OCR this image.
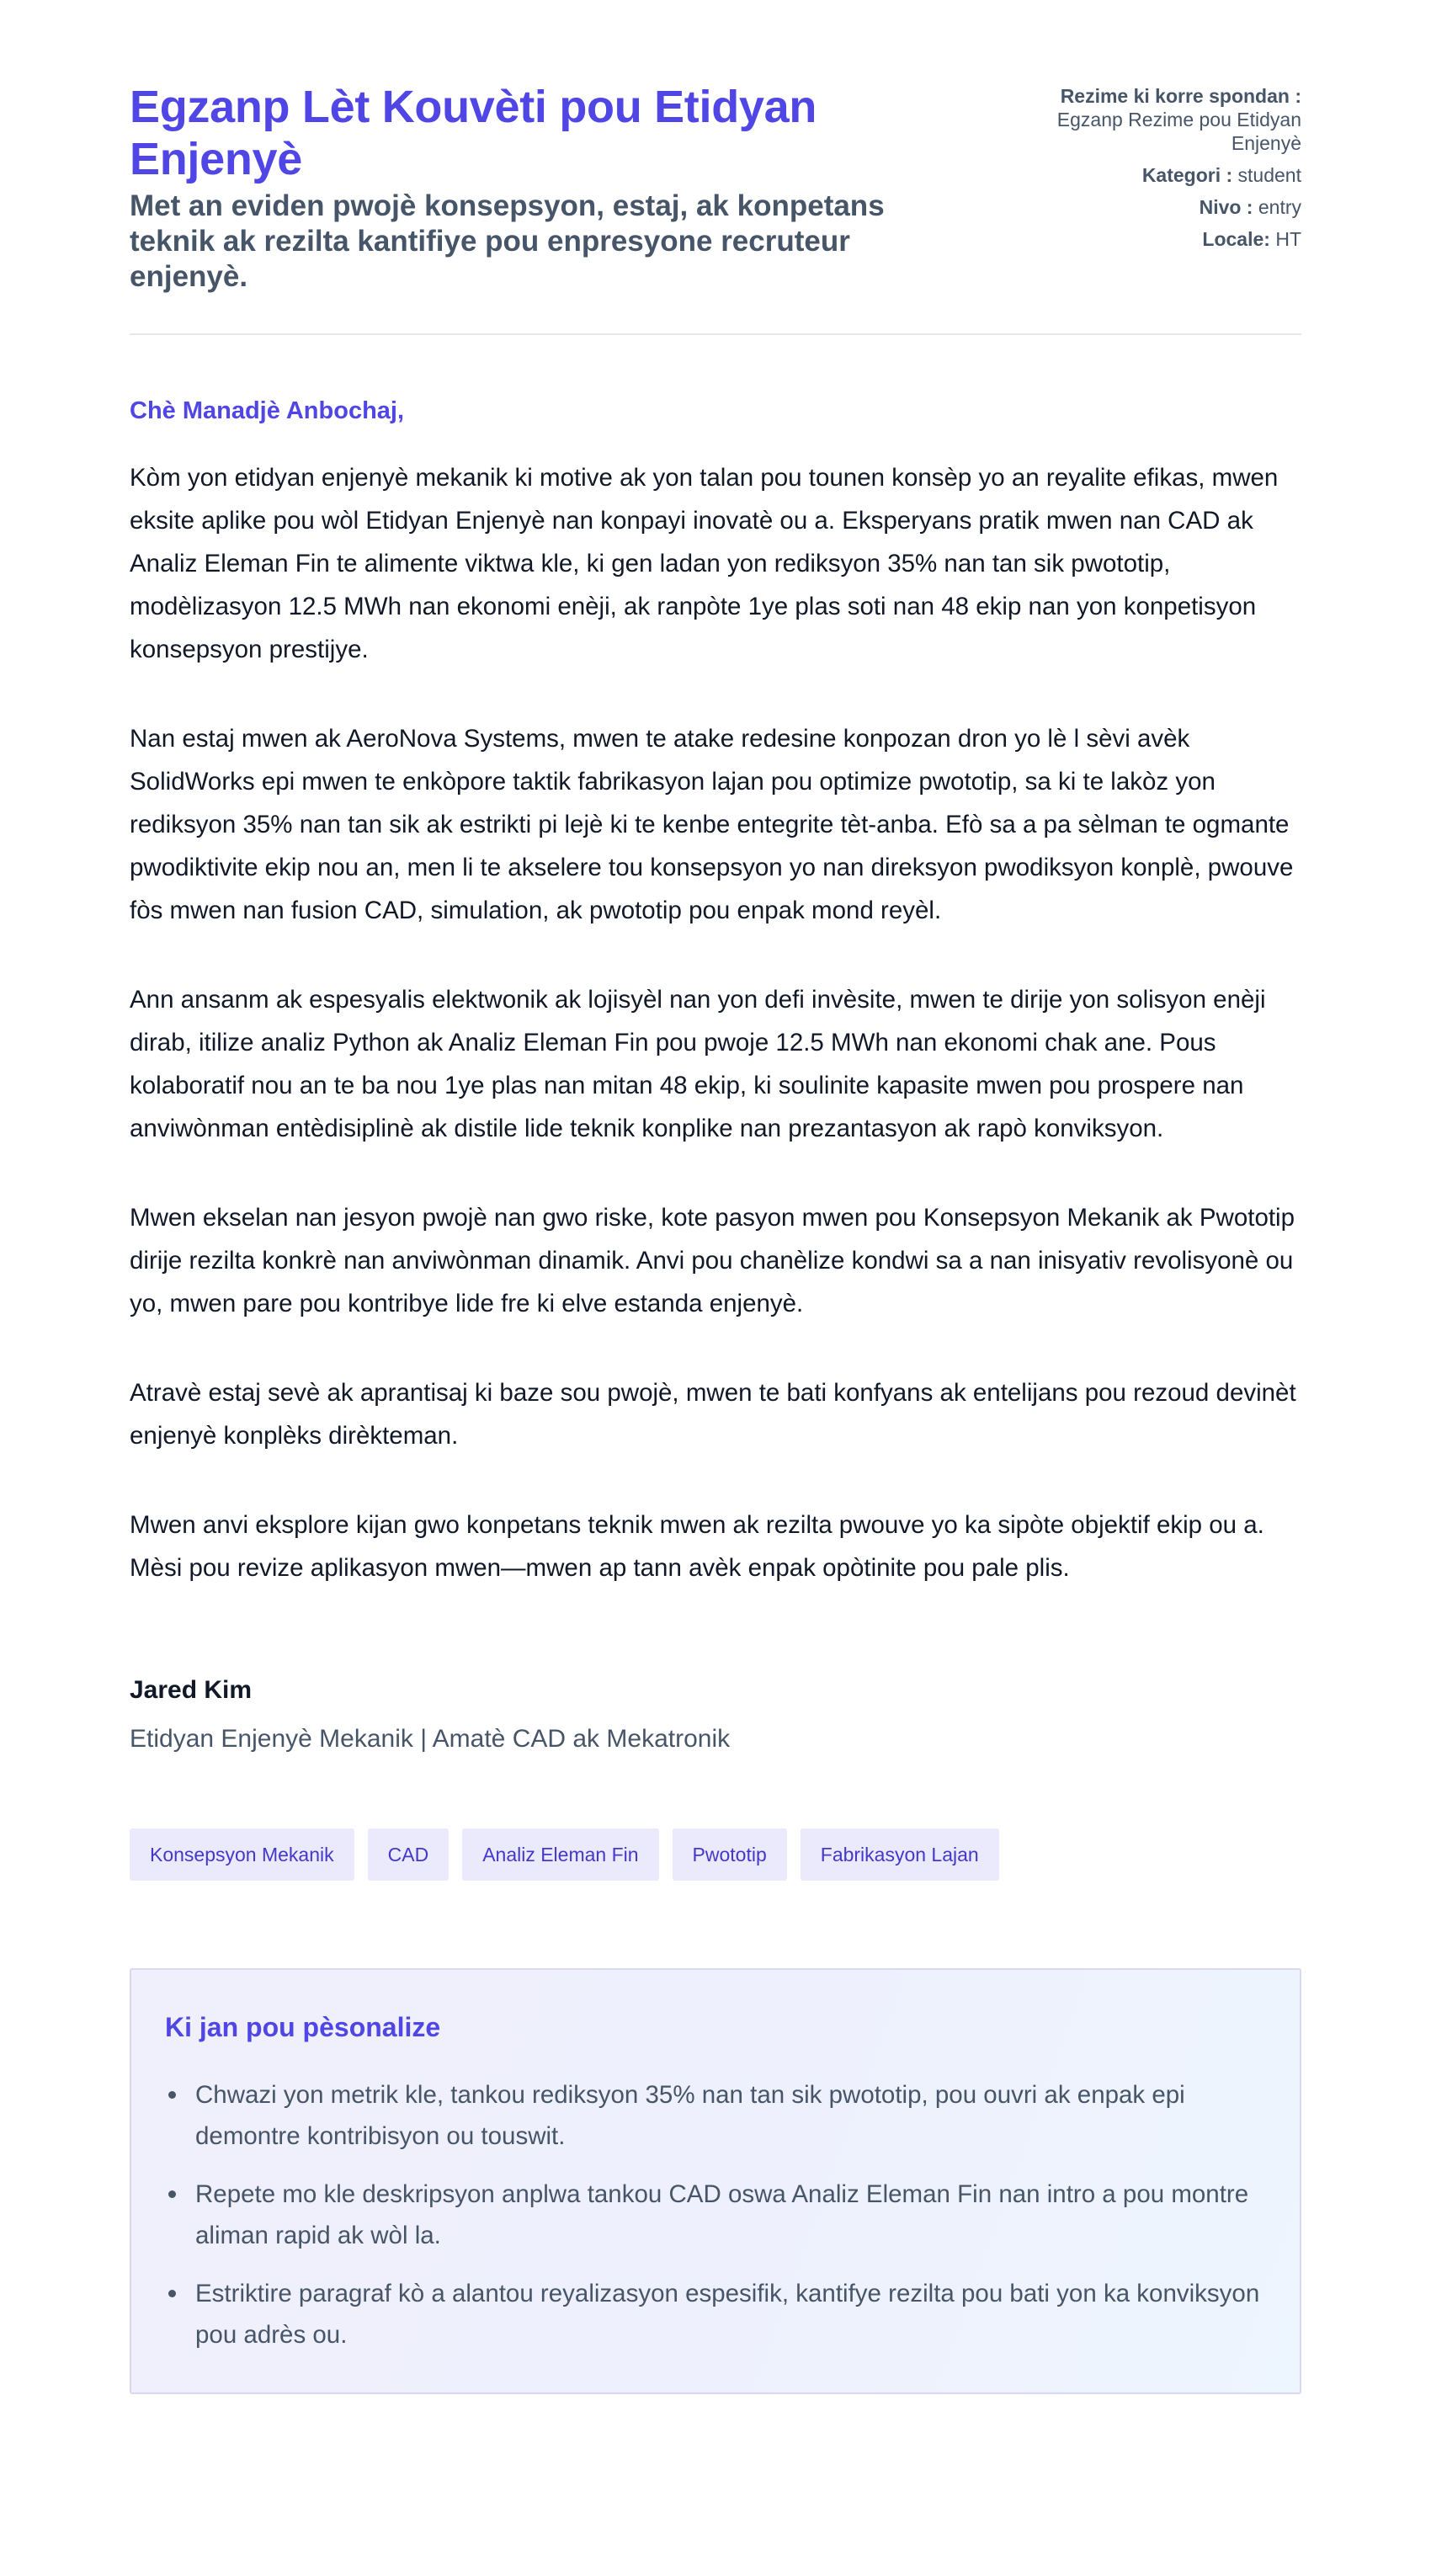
Egzanp Lèt Kouvèti pou Etidyan Enjenyè

Met an eviden pwojè konsepsyon, estaj, ak konpetans teknik ak rezilta kantifiye pou enpresyone recruteur enjenyè.

Rezime ki korre spondan :
Egzanp Rezime pou Etidyan Enjenyè
Kategori : student
Nivo : entry
Locale: HT

Chè Manadjè Anbochaj,

Kòm yon etidyan enjenyè mekanik ki motive ak yon talan pou tounen konsèp yo an reyalite efikas, mwen eksite aplike pou wòl Etidyan Enjenyè nan konpayi inovatè ou a. Eksperyans pratik mwen nan CAD ak Analiz Eleman Fin te alimente viktwa kle, ki gen ladan yon rediksyon 35% nan tan sik pwototip, modèlizasyon 12.5 MWh nan ekonomi enèji, ak ranpòte 1ye plas soti nan 48 ekip nan yon konpetisyon konsepsyon prestijye.

Nan estaj mwen ak AeroNova Systems, mwen te atake redesine konpozan dron yo lè l sèvi avèk SolidWorks epi mwen te enkòpore taktik fabrikasyon lajan pou optimize pwototip, sa ki te lakòz yon rediksyon 35% nan tan sik ak estrikti pi lejè ki te kenbe entegrite tèt-anba. Efò sa a pa sèlman te ogmante pwodiktivite ekip nou an, men li te akselere tou konsepsyon yo nan direksyon pwodiksyon konplè, pwouve fòs mwen nan fusion CAD, simulation, ak pwototip pou enpak mond reyèl.

Ann ansanm ak espesyalis elektwonik ak lojisyèl nan yon defi invèsite, mwen te dirije yon solisyon enèji dirab, itilize analiz Python ak Analiz Eleman Fin pou pwoje 12.5 MWh nan ekonomi chak ane. Pous kolaboratif nou an te ba nou 1ye plas nan mitan 48 ekip, ki soulinite kapasite mwen pou prospere nan anviwònman entèdisiplinè ak distile lide teknik konplike nan prezantasyon ak rapò konviksyon.

Mwen ekselan nan jesyon pwojè nan gwo riske, kote pasyon mwen pou Konsepsyon Mekanik ak Pwototip dirije rezilta konkrè nan anviwònman dinamik. Anvi pou chanèlize kondwi sa a nan inisyativ revolisyonè ou yo, mwen pare pou kontribye lide fre ki elve estanda enjenyè.

Atravè estaj sevè ak aprantisaj ki baze sou pwojè, mwen te bati konfyans ak entelijans pou rezoud devinèt enjenyè konplèks dirèkteman.

Mwen anvi eksplore kijan gwo konpetans teknik mwen ak rezilta pwouve yo ka sipòte objektif ekip ou a. Mèsi pou revize aplikasyon mwen—mwen ap tann avèk enpak opòtinite pou pale plis.

Jared Kim
Etidyan Enjenyè Mekanik | Amatè CAD ak Mekatronik
Konsepsyon Mekanik	CAD	Analiz Eleman Fin	Pwototip	Fabrikasyon Lajan
Ki jan pou pèsonalize
Chwazi yon metrik kle, tankou rediksyon 35% nan tan sik pwototip, pou ouvri ak enpak epi demontre kontribisyon ou touswit.
Repete mo kle deskripsyon anplwa tankou CAD oswa Analiz Eleman Fin nan intro a pou montre aliman rapid ak wòl la.
Estriktire paragraf kò a alantou reyalizasyon espesifik, kantifye rezilta pou bati yon ka konviksyon pou adrès ou.
